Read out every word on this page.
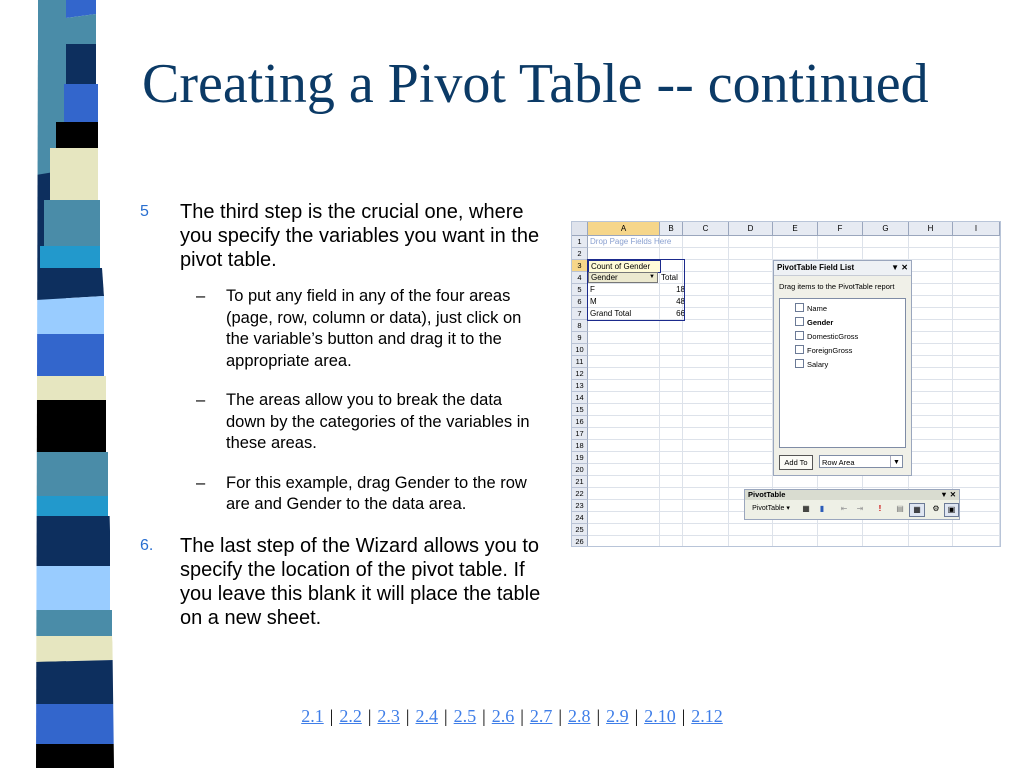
Creating a Pivot Table -- continued
5 The third step is the crucial one, where you specify the variables you want in the pivot table.
– To put any field in any of the four areas (page, row, column or data), just click on the variable’s button and drag it to the appropriate area.
– The areas allow you to break the data down by the categories of the variables in these areas.
– For this example, drag Gender to the row are and Gender to the data area.
6. The last step of the Wizard allows you to specify the location of the pivot table. If you leave this blank it will place the table on a new sheet.
A	B	C	D	E	F	G	H	I
1
2
3
4
5
6
7
8
9
10
11
12
13
14
15
16
17
18
19
20
21
22
23
24
25
26
Drop Page Fields Here
Count of Gender
Gender	▼ Total
F	18
M	48
Grand Total	66
PivotTable Field List	▼ ✕
Drag items to the PivotTable report
Name
Gender
DomesticGross
ForeignGross
Salary
Add To	Row Area	▼
PivotTable	▼ ✕
PivotTable ▾	▦	▮	⇤	⇥	!	▤	▦	⚙	▣
2.1 | 2.2 | 2.3 | 2.4 | 2.5 | 2.6 | 2.7 | 2.8 | 2.9 | 2.10 | 2.12
